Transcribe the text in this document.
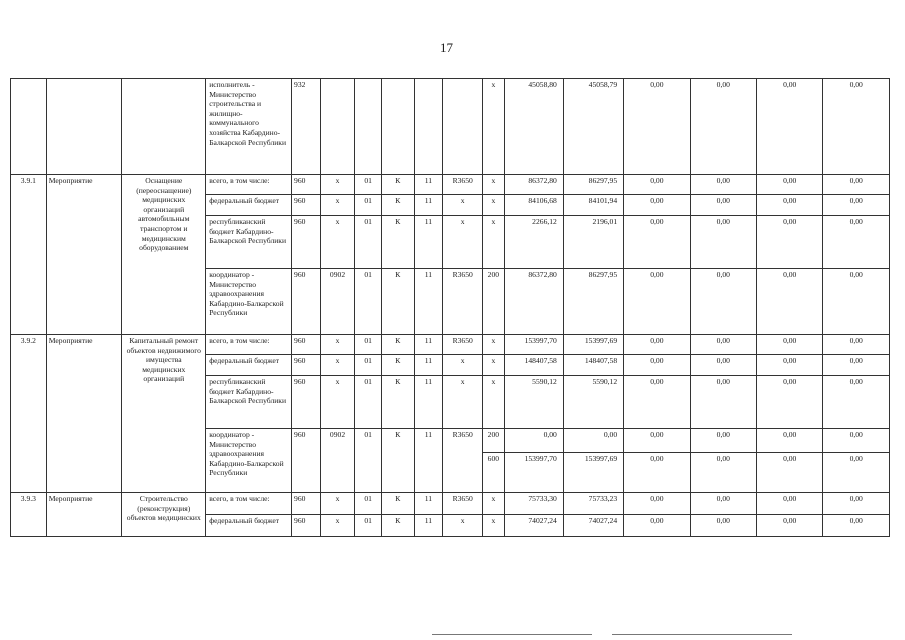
17
			исполнитель - Министерство строительства и жилищно-коммунального хозяйства Кабардино-Балкарской Республики	932						x	45058,80	45058,79	0,00	0,00	0,00	0,00
3.9.1	Мероприятие	Оснащение (переоснащение) медицинских организаций автомобильным транспортом и медицинским оборудованием	всего, в том числе:	960	x	01	К	11	R3650	x	86372,80	86297,95	0,00	0,00	0,00	0,00
			федеральный бюджет	960	x	01	К	11	x	x	84106,68	84101,94	0,00	0,00	0,00	0,00
			республиканский бюджет Кабардино-Балкарской Республики	960	x	01	К	11	x	x	2266,12	2196,01	0,00	0,00	0,00	0,00
			координатор - Министерство здравоохранения Кабардино-Балкарской Республики	960	0902	01	К	11	R3650	200	86372,80	86297,95	0,00	0,00	0,00	0,00
3.9.2	Мероприятие	Капитальный ремонт объектов недвижимого имущества медицинских организаций	всего, в том числе:	960	x	01	К	11	R3650	x	153997,70	153997,69	0,00	0,00	0,00	0,00
			федеральный бюджет	960	x	01	К	11	x	x	148407,58	148407,58	0,00	0,00	0,00	0,00
			республиканский бюджет Кабардино-Балкарской Республики	960	x	01	К	11	x	x	5590,12	5590,12	0,00	0,00	0,00	0,00
			координатор - Министерство здравоохранения Кабардино-Балкарской Республики	960	0902	01	К	11	R3650	200	0,00	0,00	0,00	0,00	0,00	0,00
										600	153997,70	153997,69	0,00	0,00	0,00	0,00
3.9.3	Мероприятие	Строительство (реконструкция) объектов медицинских	всего, в том числе:	960	x	01	К	11	R3650	x	75733,30	75733,23	0,00	0,00	0,00	0,00
			федеральный бюджет	960	x	01	К	11	x	x	74027,24	74027,24	0,00	0,00	0,00	0,00
